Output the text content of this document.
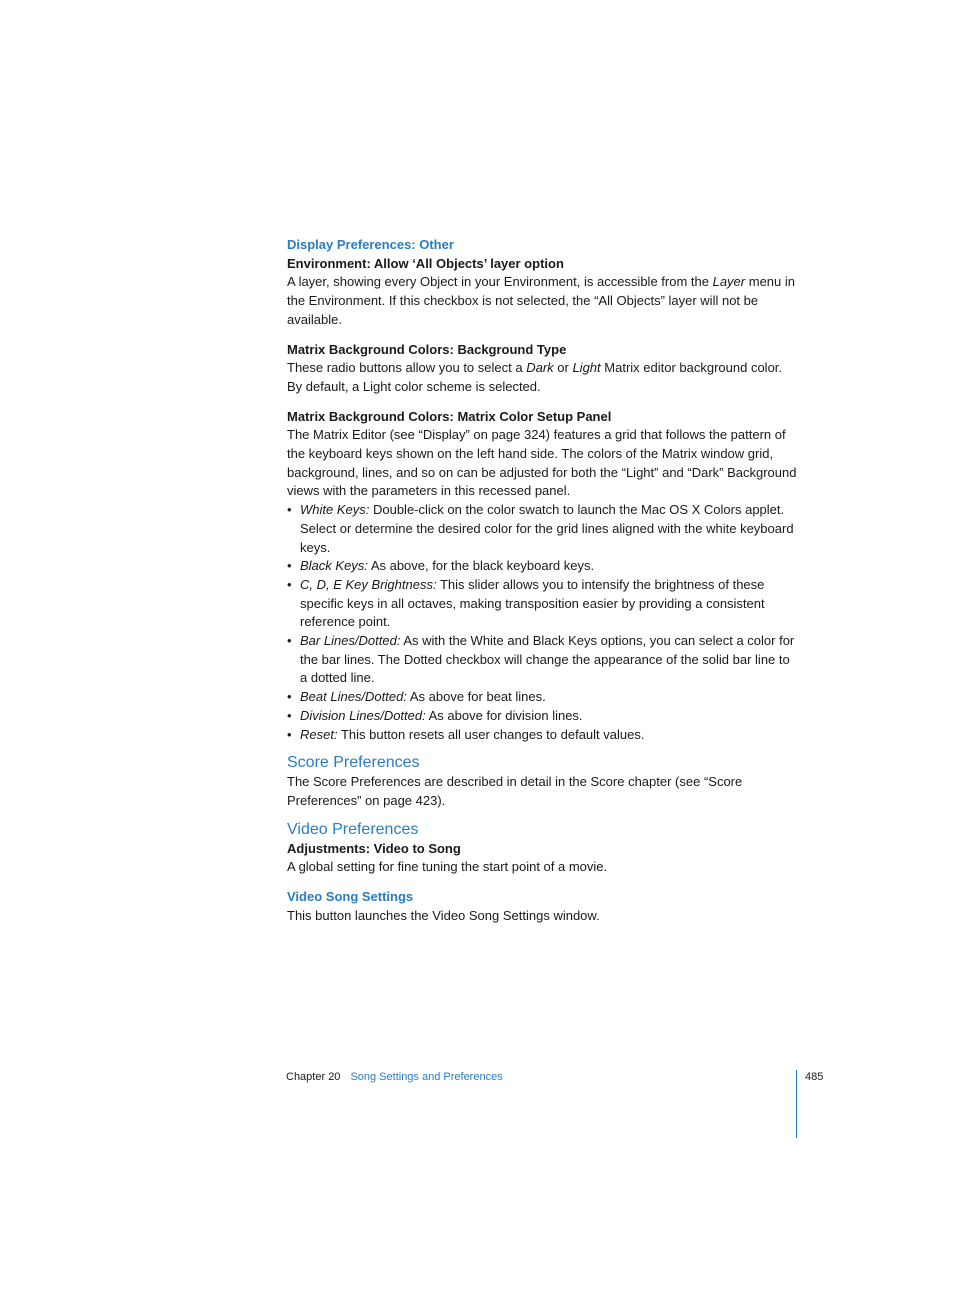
Display Preferences: Other

Environment: Allow ‘All Objects’ layer option

A layer, showing every Object in your Environment, is accessible from the Layer menu in the Environment. If this checkbox is not selected, the “All Objects” layer will not be available.

Matrix Background Colors: Background Type

These radio buttons allow you to select a Dark or Light Matrix editor background color. By default, a Light color scheme is selected.

Matrix Background Colors: Matrix Color Setup Panel

The Matrix Editor (see “Display” on page 324) features a grid that follows the pattern of the keyboard keys shown on the left hand side. The colors of the Matrix window grid, background, lines, and so on can be adjusted for both the “Light” and “Dark” Background views with the parameters in this recessed panel.

• White Keys: Double-click on the color swatch to launch the Mac OS X Colors applet. Select or determine the desired color for the grid lines aligned with the white keyboard keys.
• Black Keys: As above, for the black keyboard keys.
• C, D, E Key Brightness: This slider allows you to intensify the brightness of these specific keys in all octaves, making transposition easier by providing a consistent reference point.
• Bar Lines/Dotted: As with the White and Black Keys options, you can select a color for the bar lines. The Dotted checkbox will change the appearance of the solid bar line to a dotted line.
• Beat Lines/Dotted: As above for beat lines.
• Division Lines/Dotted: As above for division lines.
• Reset: This button resets all user changes to default values.
Score Preferences

The Score Preferences are described in detail in the Score chapter (see “Score Preferences” on page 423).

Video Preferences

Adjustments: Video to Song

A global setting for fine tuning the start point of a movie.

Video Song Settings

This button launches the Video Song Settings window.

Chapter 20 Song Settings and Preferences	485
